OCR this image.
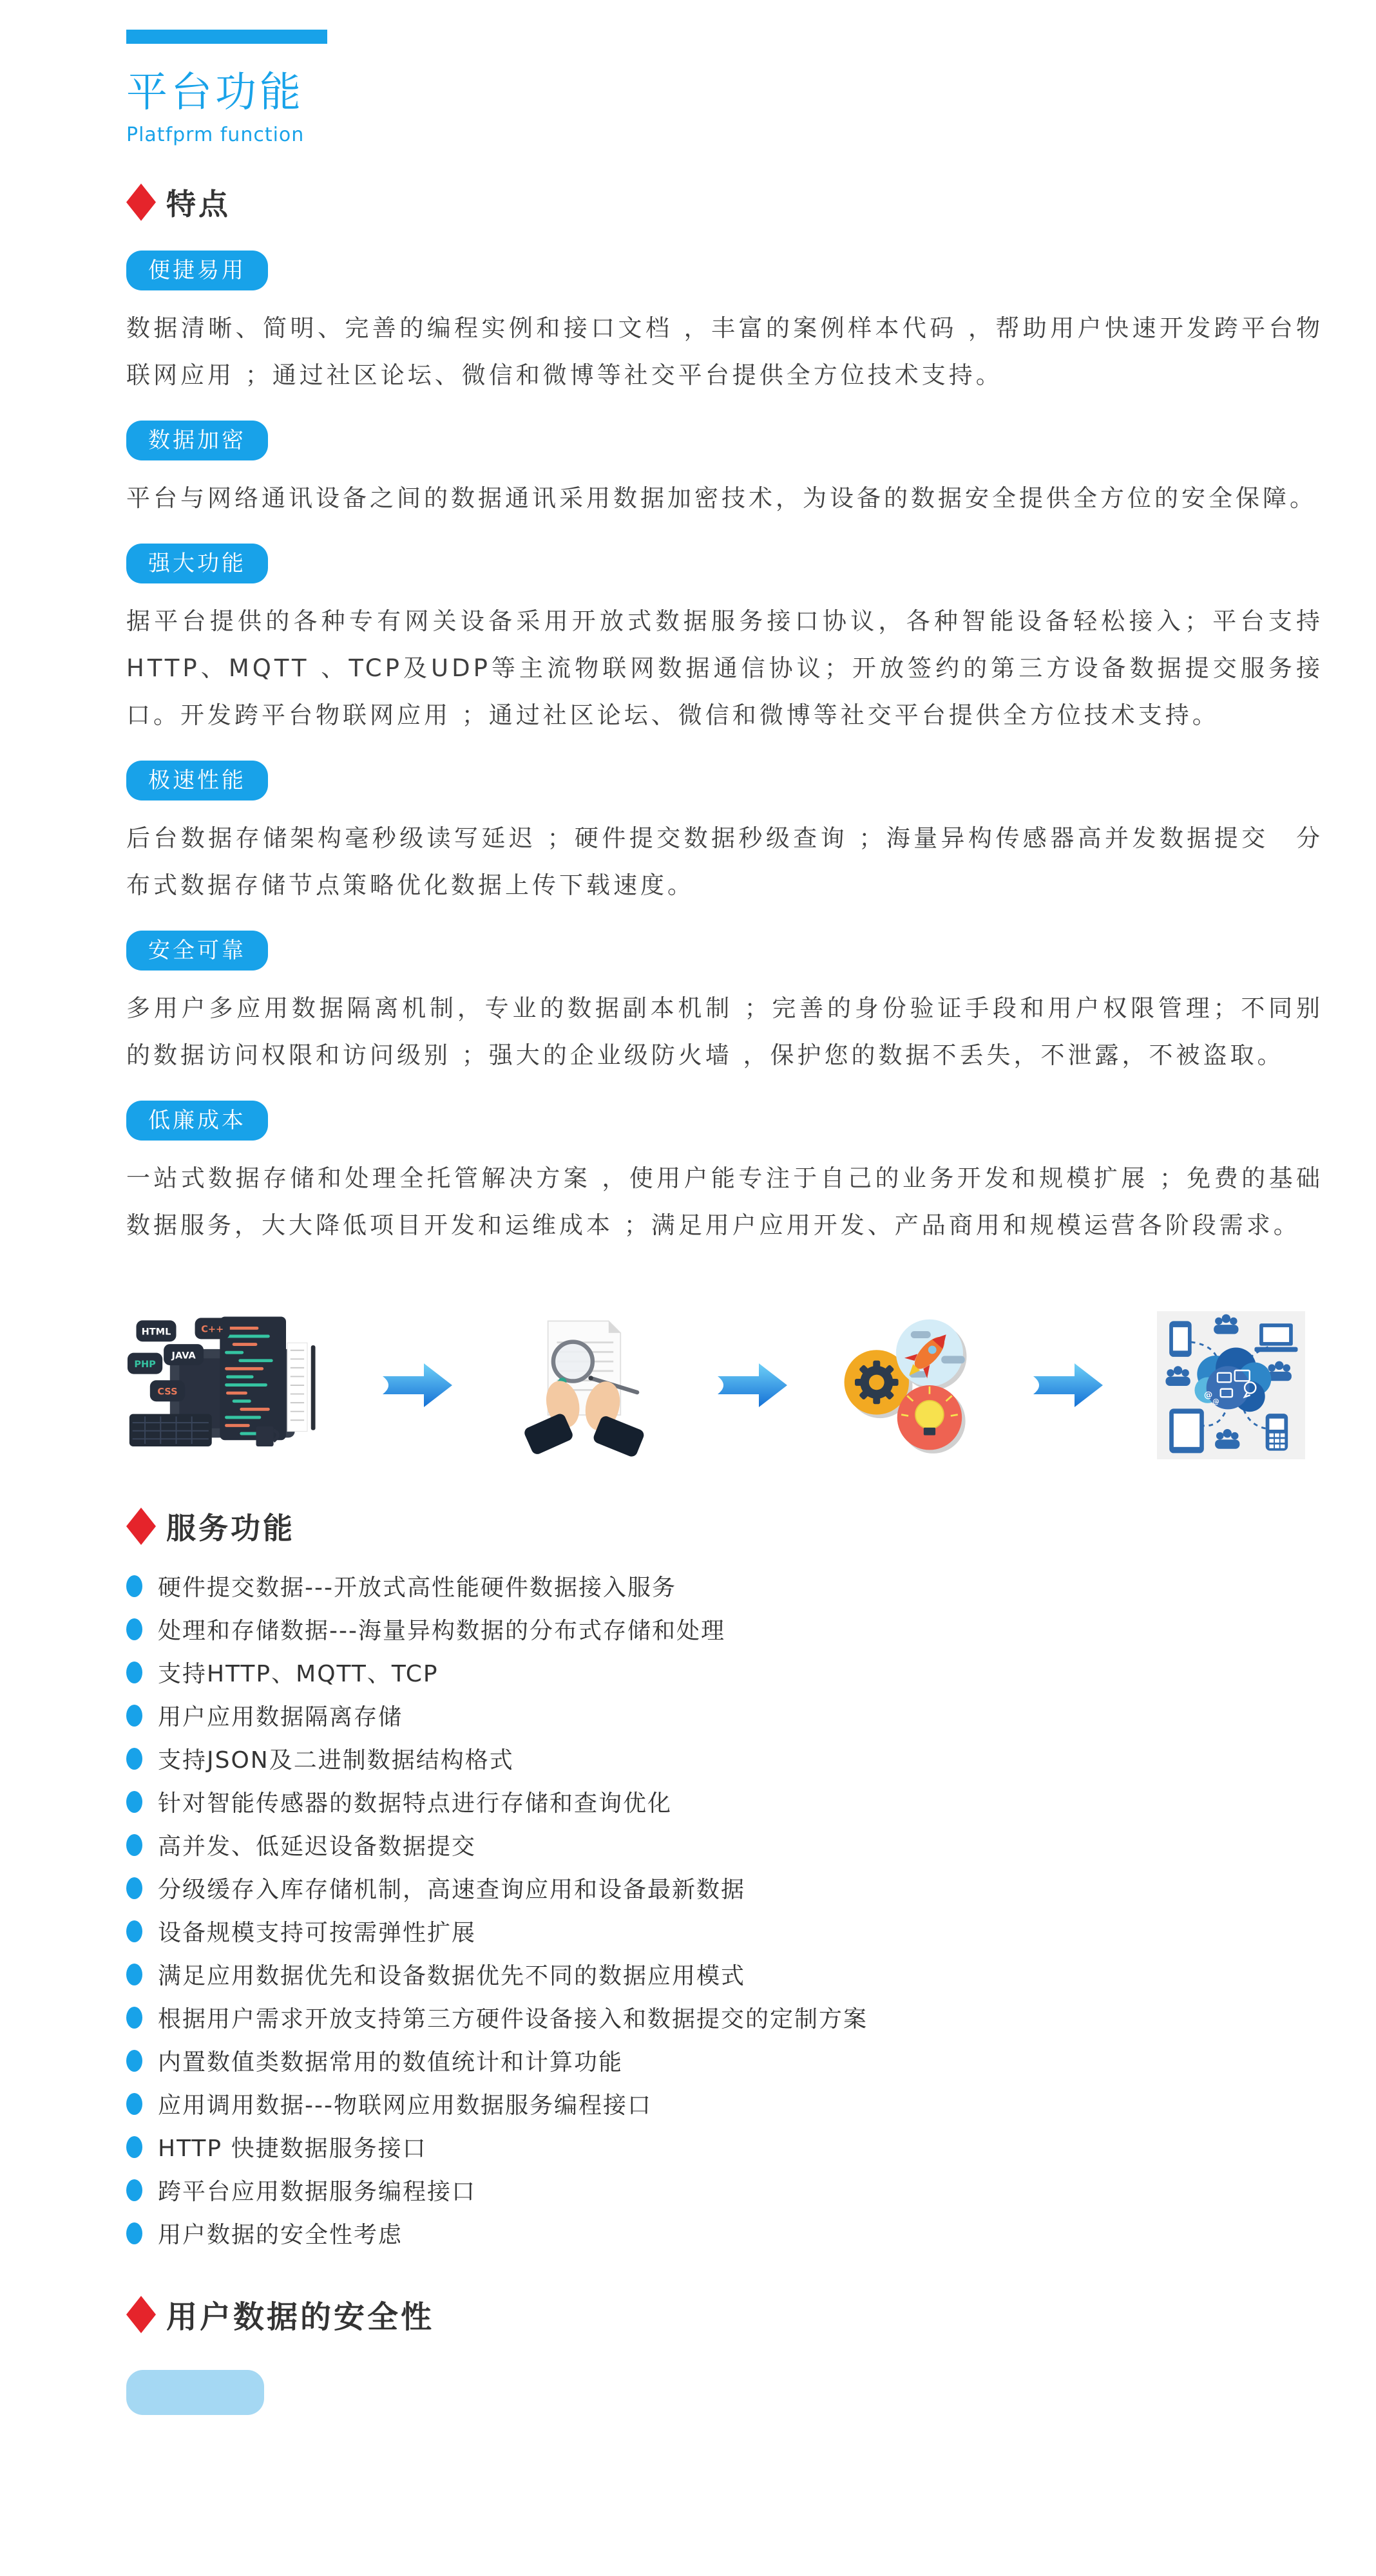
平台功能
Platfprm function
特点
便捷易用

数据清晰、简明、完善的编程实例和接口文档 ，丰富的案例样本代码 ，帮助用户快速开发跨平台物联网应用 ；通过社区论坛、微信和微博等社交平台提供全方位技术支持。

数据加密

平台与网络通讯设备之间的数据通讯采用数据加密技术，为设备的数据安全提供全方位的安全保障。

强大功能

据平台提供的各种专有网关设备采用开放式数据服务接口协议，各种智能设备轻松接入；平台支持HTTP、MQTT 、TCP及UDP等主流物联网数据通信协议；开放签约的第三方设备数据提交服务接口。开发跨平台物联网应用 ；通过社区论坛、微信和微博等社交平台提供全方位技术支持。

极速性能

后台数据存储架构毫秒级读写延迟 ；硬件提交数据秒级查询 ；海量异构传感器高并发数据提交　分布式数据存储节点策略优化数据上传下载速度。

安全可靠

多用户多应用数据隔离机制，专业的数据副本机制 ；完善的身份验证手段和用户权限管理；不同别的数据访问权限和访问级别 ；强大的企业级防火墙 ，保护您的数据不丢失，不泄露，不被盗取。

低廉成本

一站式数据存储和处理全托管解决方案 ，使用户能专注于自己的业务开发和规模扩展 ；免费的基础数据服务，大大降低项目开发和运维成本 ；满足用户应用开发、产品商用和规模运营各阶段需求。

HTML	C++
JAVA
PHP
CSS	@
@
服务功能
硬件提交数据---开放式高性能硬件数据接入服务
处理和存储数据---海量异构数据的分布式存储和处理
支持HTTP、MQTT、TCP
用户应用数据隔离存储
支持JSON及二进制数据结构格式
针对智能传感器的数据特点进行存储和查询优化
高并发、低延迟设备数据提交
分级缓存入库存储机制，高速查询应用和设备最新数据
设备规模支持可按需弹性扩展
满足应用数据优先和设备数据优先不同的数据应用模式
根据用户需求开放支持第三方硬件设备接入和数据提交的定制方案
内置数值类数据常用的数值统计和计算功能
应用调用数据---物联网应用数据服务编程接口
HTTP 快捷数据服务接口
跨平台应用数据服务编程接口
用户数据的安全性考虑
用户数据的安全性
